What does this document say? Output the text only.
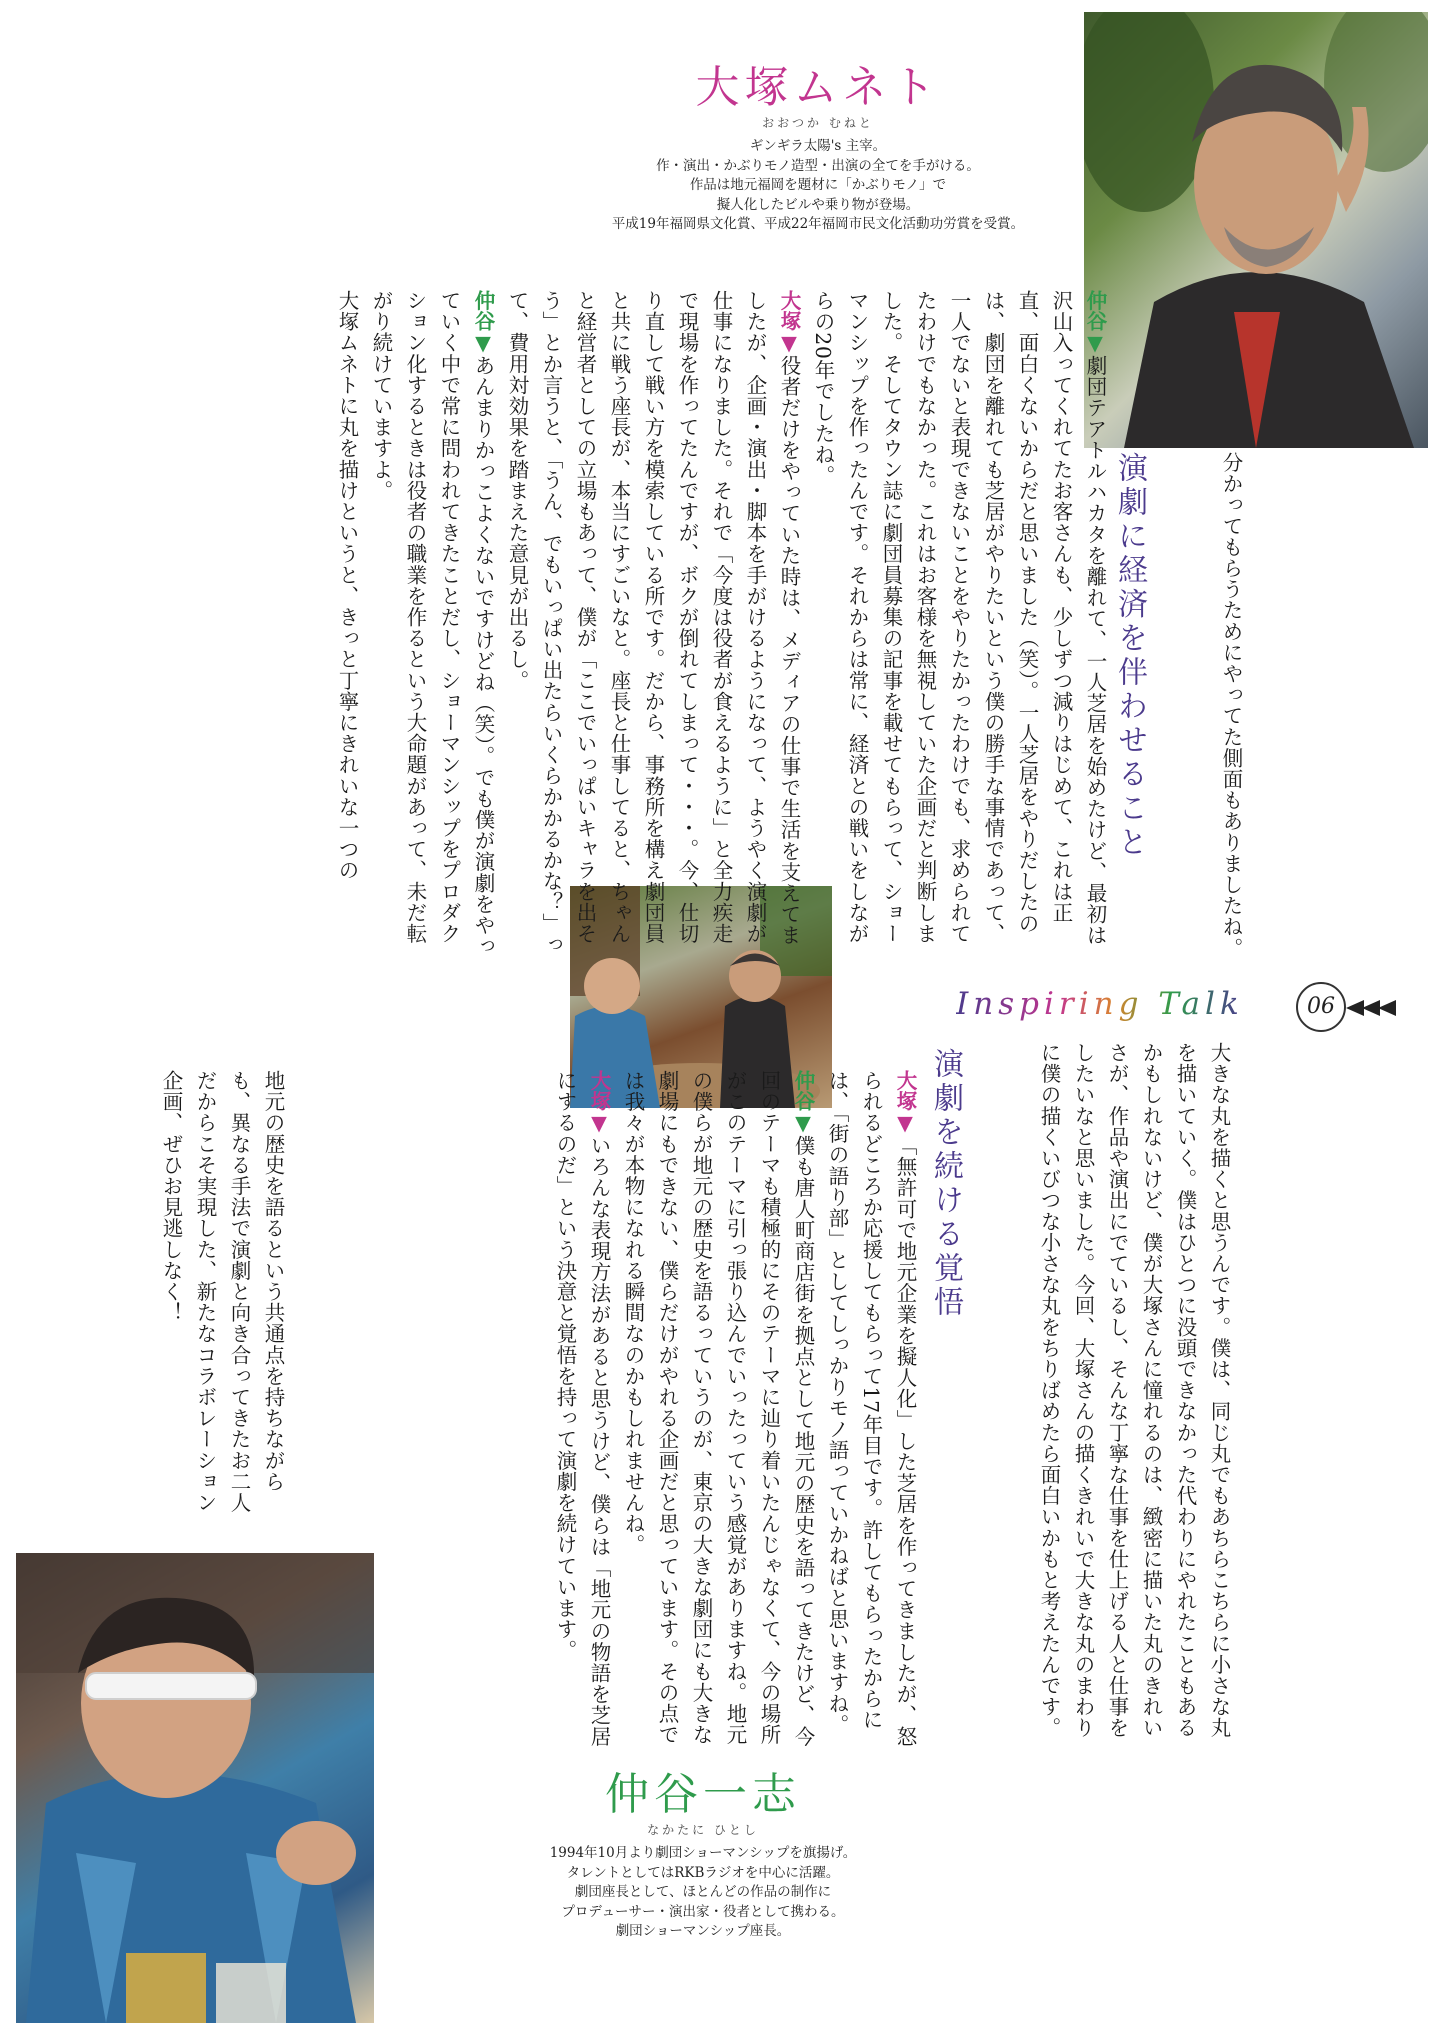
大塚ムネト
おおつか むねと
ギンギラ太陽's 主宰。
作・演出・かぶりモノ造型・出演の全てを手がける。
作品は地元福岡を題材に「かぶりモノ」で
擬人化したビルや乗り物が登場。
平成19年福岡県文化賞、平成22年福岡市民文化活動功労賞を受賞。
演劇に経済を伴わせること	分かってもらうためにやってた側面もありましたね。

仲谷▼劇団テアトルハカタを離れて、一人芝居を始めたけど、最初は沢山入ってくれてたお客さんも、少しずつ減りはじめて、これは正直、面白くないからだと思いました（笑）。一人芝居をやりだしたのは、劇団を離れても芝居がやりたいという僕の勝手な事情であって、一人でないと表現できないことをやりたかったわけでも、求められてたわけでもなかった。これはお客様を無視していた企画だと判断しました。そしてタウン誌に劇団員募集の記事を載せてもらって、ショーマンシップを作ったんです。それからは常に、経済との戦いをしながらの20年でしたね。

大塚▼役者だけをやっていた時は、メディアの仕事で生活を支えてましたが、企画・演出・脚本を手がけるようになって、ようやく演劇が仕事になりました。それで「今度は役者が食えるように」と全力疾走で現場を作ってたんですが、ボクが倒れてしまって・・・。今、仕切り直して戦い方を模索している所です。だから、事務所を構え劇団員と共に戦う座長が、本当にすごいなと。座長と仕事してると、ちゃんと経営者としての立場もあって、僕が「ここでいっぱいキャラを出そう」とか言うと、「うん、でもいっぱい出たらいくらかかるかな？」って、費用対効果を踏まえた意見が出るし。

仲谷▼あんまりかっこよくないですけどね（笑）。でも僕が演劇をやっていく中で常に問われてきたことだし、ショーマンシップをプロダクション化するときは役者の職業を作るという大命題があって、未だ転がり続けていますよ。

大塚ムネトに丸を描けというと、きっと丁寧にきれいな一つの

Inspiring Talk	06

大きな丸を描くと思うんです。僕は、同じ丸でもあちらこちらに小さな丸を描いていく。僕はひとつに没頭できなかった代わりにやれたこともあるかもしれないけど、僕が大塚さんに憧れるのは、緻密に描いた丸のきれいさが、作品や演出にでているし、そんな丁寧な仕事を仕上げる人と仕事をしたいなと思いました。今回、大塚さんの描くきれいで大きな丸のまわりに僕の描くいびつな小さな丸をちりばめたら面白いかもと考えたんです。

演劇を続ける覚悟

大塚▼「無許可で地元企業を擬人化」した芝居を作ってきましたが、怒られるどころか応援してもらって17年目です。許してもらったからには、「街の語り部」としてしっかりモノ語っていかねばと思いますね。

仲谷▼僕も唐人町商店街を拠点として地元の歴史を語ってきたけど、今回のテーマも積極的にそのテーマに辿り着いたんじゃなくて、今の場所がこのテーマに引っ張り込んでいったっていう感覚がありますね。地元の僕らが地元の歴史を語るっていうのが、東京の大きな劇団にも大きな劇場にもできない、僕らだけがやれる企画だと思っています。その点では我々が本物になれる瞬間なのかもしれませんね。

大塚▼いろんな表現方法があると思うけど、僕らは「地元の物語を芝居にするのだ」という決意と覚悟を持って演劇を続けています。

地元の歴史を語るという共通点を持ちながらも、異なる手法で演劇と向き合ってきたお二人だからこそ実現した、新たなコラボレーション企画、ぜひお見逃しなく！

仲谷一志
なかたに ひとし
1994年10月より劇団ショーマンシップを旗揚げ。
タレントとしてはRKBラジオを中心に活躍。
劇団座長として、ほとんどの作品の制作に
プロデューサー・演出家・役者として携わる。
劇団ショーマンシップ座長。
